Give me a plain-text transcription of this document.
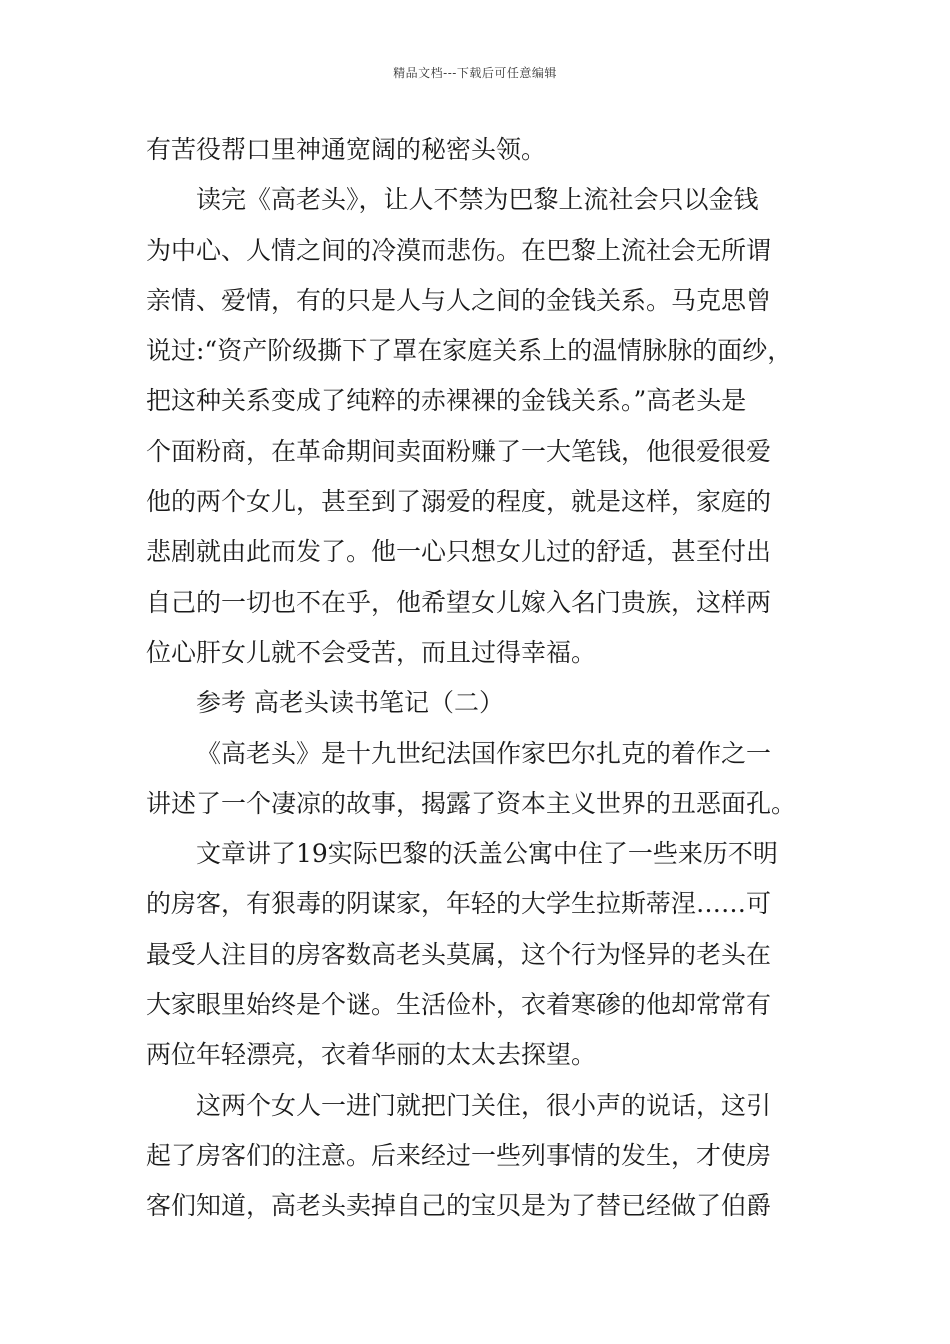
精品文档---下载后可任意编辑
有苦役帮口里神通宽阔的秘密头领。
读完《高老头》，让人不禁为巴黎上流社会只以金钱
为中心、人情之间的冷漠而悲伤。在巴黎上流社会无所谓
亲情、爱情，有的只是人与人之间的金钱关系。马克思曾
说过:“资产阶级撕下了罩在家庭关系上的温情脉脉的面纱，
把这种关系变成了纯粹的赤裸裸的金钱关系。”高老头是
个面粉商，在革命期间卖面粉赚了一大笔钱，他很爱很爱
他的两个女儿，甚至到了溺爱的程度，就是这样，家庭的
悲剧就由此而发了。他一心只想女儿过的舒适，甚至付出
自己的一切也不在乎，他希望女儿嫁入名门贵族，这样两
位心肝女儿就不会受苦，而且过得幸福。
参考 高老头读书笔记（二）
《高老头》是十九世纪法国作家巴尔扎克的着作之一
讲述了一个凄凉的故事，揭露了资本主义世界的丑恶面孔。
文章讲了19实际巴黎的沃盖公寓中住了一些来历不明
的房客，有狠毒的阴谋家，年轻的大学生拉斯蒂涅……可
最受人注目的房客数高老头莫属，这个行为怪异的老头在
大家眼里始终是个谜。生活俭朴，衣着寒碜的他却常常有
两位年轻漂亮，衣着华丽的太太去探望。
这两个女人一进门就把门关住，很小声的说话，这引
起了房客们的注意。后来经过一些列事情的发生，才使房
客们知道，高老头卖掉自己的宝贝是为了替已经做了伯爵
